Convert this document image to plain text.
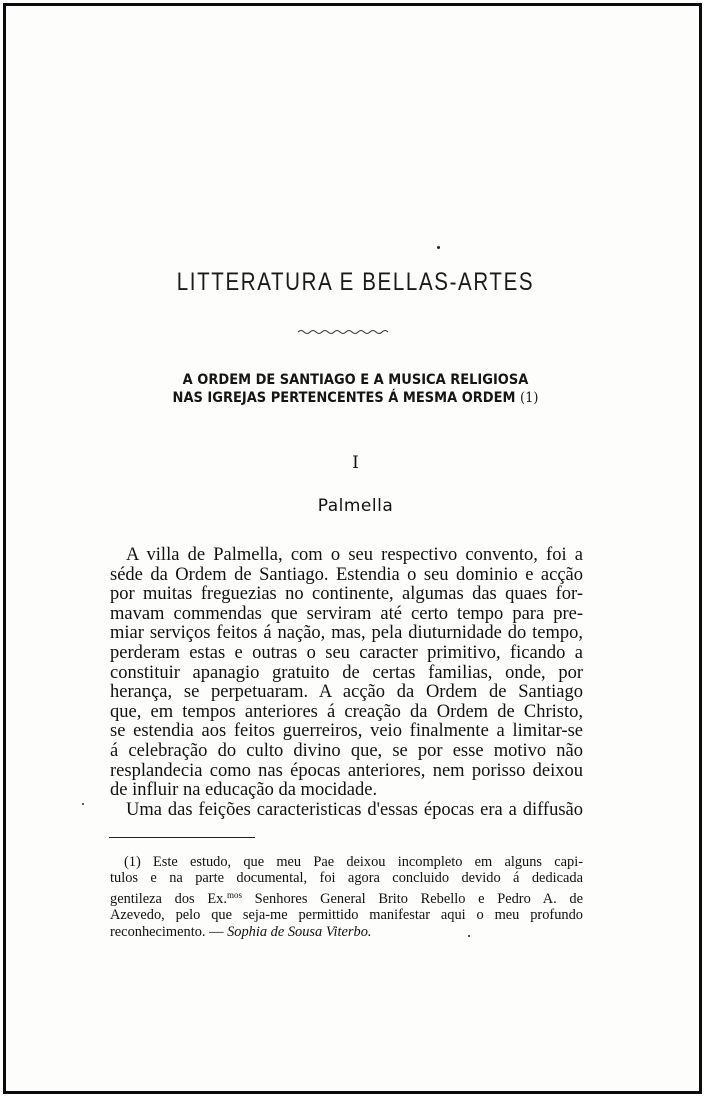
LITTERATURA E BELLAS-ARTES
A ORDEM DE SANTIAGO E A MUSICA RELIGIOSA
NAS IGREJAS PERTENCENTES Á MESMA ORDEM (1)
I
Palmella
A villa de Palmella, com o seu respectivo convento, foi a
séde da Ordem de Santiago. Estendia o seu dominio e acção
por muitas freguezias no continente, algumas das quaes for-
mavam commendas que serviram até certo tempo para pre-
miar serviços feitos á nação, mas, pela diuturnidade do tempo,
perderam estas e outras o seu caracter primitivo, ficando a
constituir apanagio gratuito de certas familias, onde, por
herança, se perpetuaram. A acção da Ordem de Santiago
que, em tempos anteriores á creação da Ordem de Christo,
se estendia aos feitos guerreiros, veio finalmente a limitar-se
á celebração do culto divino que, se por esse motivo não
resplandecia como nas épocas anteriores, nem porisso deixou
de influir na educação da mocidade.
Uma das feições caracteristicas d'essas épocas era a diffusão
(1) Este estudo, que meu Pae deixou incompleto em alguns capi-
tulos e na parte documental, foi agora concluido devido á dedicada
gentileza dos Ex.$^{mos}$ Senhores General Brito Rebello e Pedro A. de
Azevedo, pelo que seja-me permittido manifestar aqui o meu profundo
reconhecimento. — Sophia de Sousa Viterbo.
